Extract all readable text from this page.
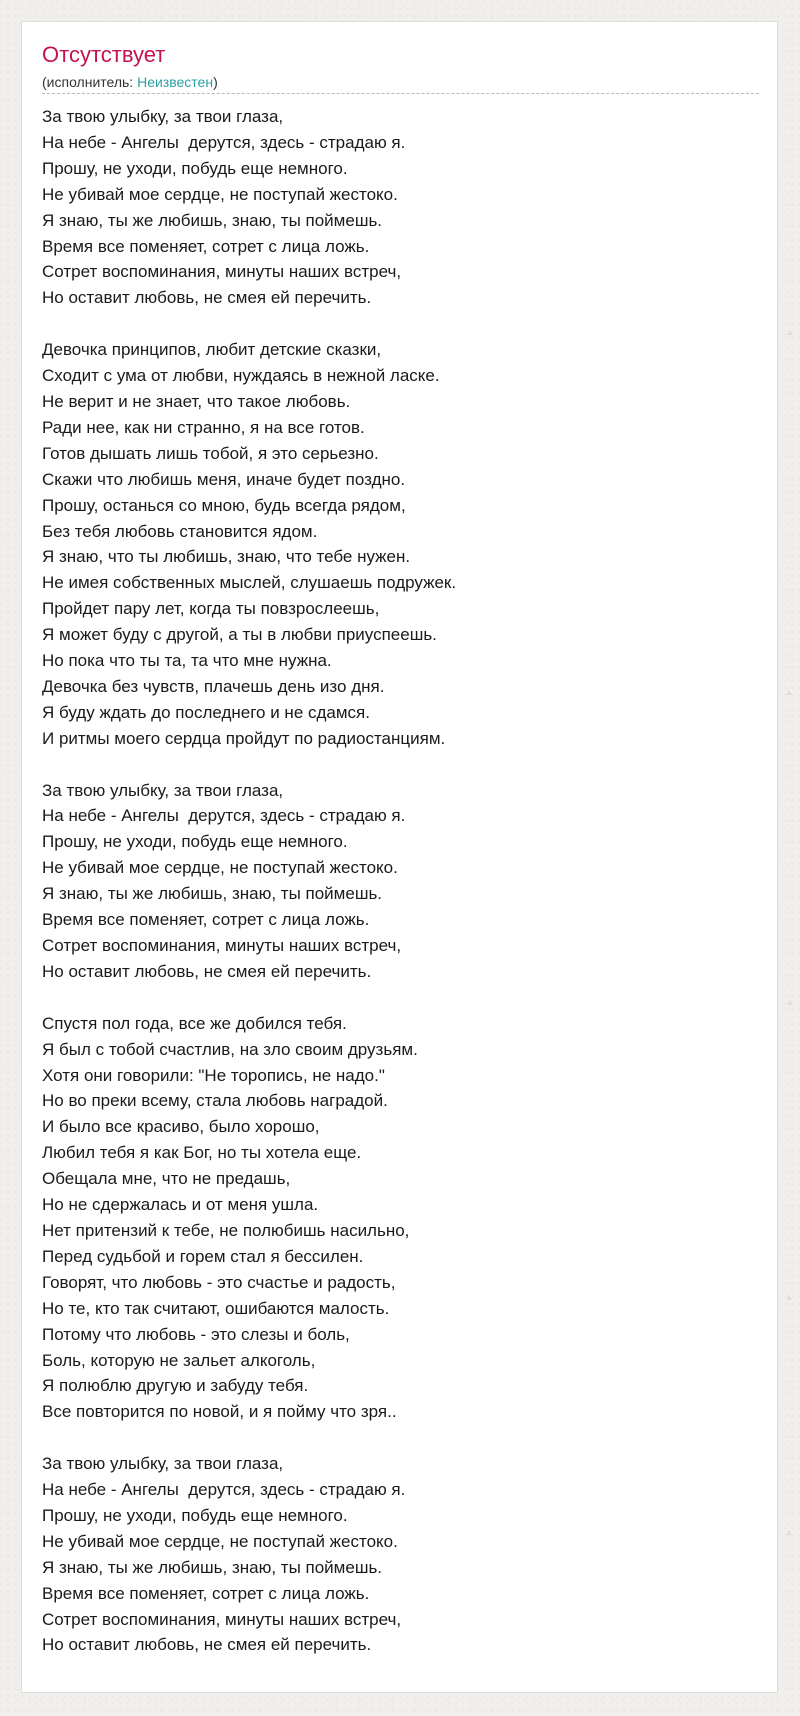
Отсутствует
(исполнитель: Неизвестен)
За твою улыбку, за твои глаза,
На небе - Ангелы  дерутся, здесь - страдаю я.
Прошу, не уходи, побудь еще немного.
Не убивай мое сердце, не поступай жестоко.
Я знаю, ты же любишь, знаю, ты поймешь.
Время все поменяет, сотрет с лица ложь.
Сотрет воспоминания, минуты наших встреч,
Но оставит любовь, не смея ей перечить.

Девочка принципов, любит детские сказки,
Сходит с ума от любви, нуждаясь в нежной ласке.
Не верит и не знает, что такое любовь.
Ради нее, как ни странно, я на все готов.
Готов дышать лишь тобой, я это серьезно.
Скажи что любишь меня, иначе будет поздно.
Прошу, останься со мною, будь всегда рядом,
Без тебя любовь становится ядом.
Я знаю, что ты любишь, знаю, что тебе нужен.
Не имея собственных мыслей, слушаешь подружек.
Пройдет пару лет, когда ты повзрослеешь,
Я может буду с другой, а ты в любви приуспеешь.
Но пока что ты та, та что мне нужна.
Девочка без чувств, плачешь день изо дня.
Я буду ждать до последнего и не сдамся.
И ритмы моего сердца пройдут по радиостанциям.

За твою улыбку, за твои глаза,
На небе - Ангелы  дерутся, здесь - страдаю я.
Прошу, не уходи, побудь еще немного.
Не убивай мое сердце, не поступай жестоко.
Я знаю, ты же любишь, знаю, ты поймешь.
Время все поменяет, сотрет с лица ложь.
Сотрет воспоминания, минуты наших встреч,
Но оставит любовь, не смея ей перечить.

Спустя пол года, все же добился тебя.
Я был с тобой счастлив, на зло своим друзьям.
Хотя они говорили: "Не торопись, не надо."
Но во преки всему, стала любовь наградой.
И было все красиво, было хорошо,
Любил тебя я как Бог, но ты хотела еще.
Обещала мне, что не предашь,
Но не сдержалась и от меня ушла.
Нет притензий к тебе, не полюбишь насильно,
Перед судьбой и горем стал я бессилен.
Говорят, что любовь - это счастье и радость,
Но те, кто так считают, ошибаются малость.
Потому что любовь - это слезы и боль,
Боль, которую не зальет алкоголь,
Я полюблю другую и забуду тебя.
Все повторится по новой, и я пойму что зря..

За твою улыбку, за твои глаза,
На небе - Ангелы  дерутся, здесь - страдаю я.
Прошу, не уходи, побудь еще немного.
Не убивай мое сердце, не поступай жестоко.
Я знаю, ты же любишь, знаю, ты поймешь.
Время все поменяет, сотрет с лица ложь.
Сотрет воспоминания, минуты наших встреч,
Но оставит любовь, не смея ей перечить.
